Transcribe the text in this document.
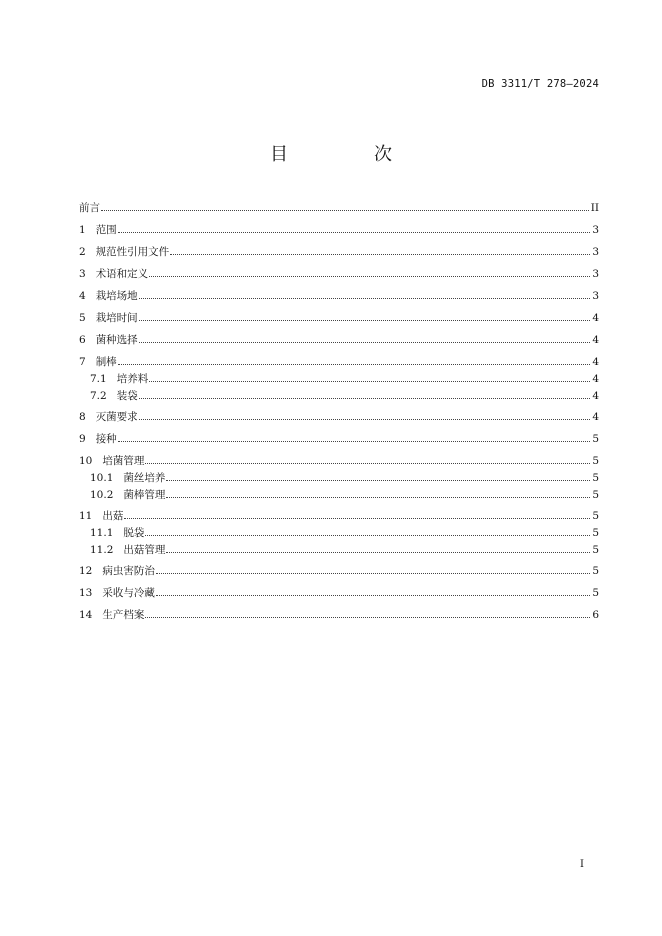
DB 3311/T 278—2024
目　次
前言	II
1 范围	3
2 规范性引用文件	3
3 术语和定义	3
4 栽培场地	3
5 栽培时间	4
6 菌种选择	4
7 制棒	4
7.1 培养料	4
7.2 装袋	4
8 灭菌要求	4
9 接种	5
10 培菌管理	5
10.1 菌丝培养	5
10.2 菌棒管理	5
11 出菇	5
11.1 脱袋	5
11.2 出菇管理	5
12 病虫害防治	5
13 采收与冷藏	5
14 生产档案	6
I
